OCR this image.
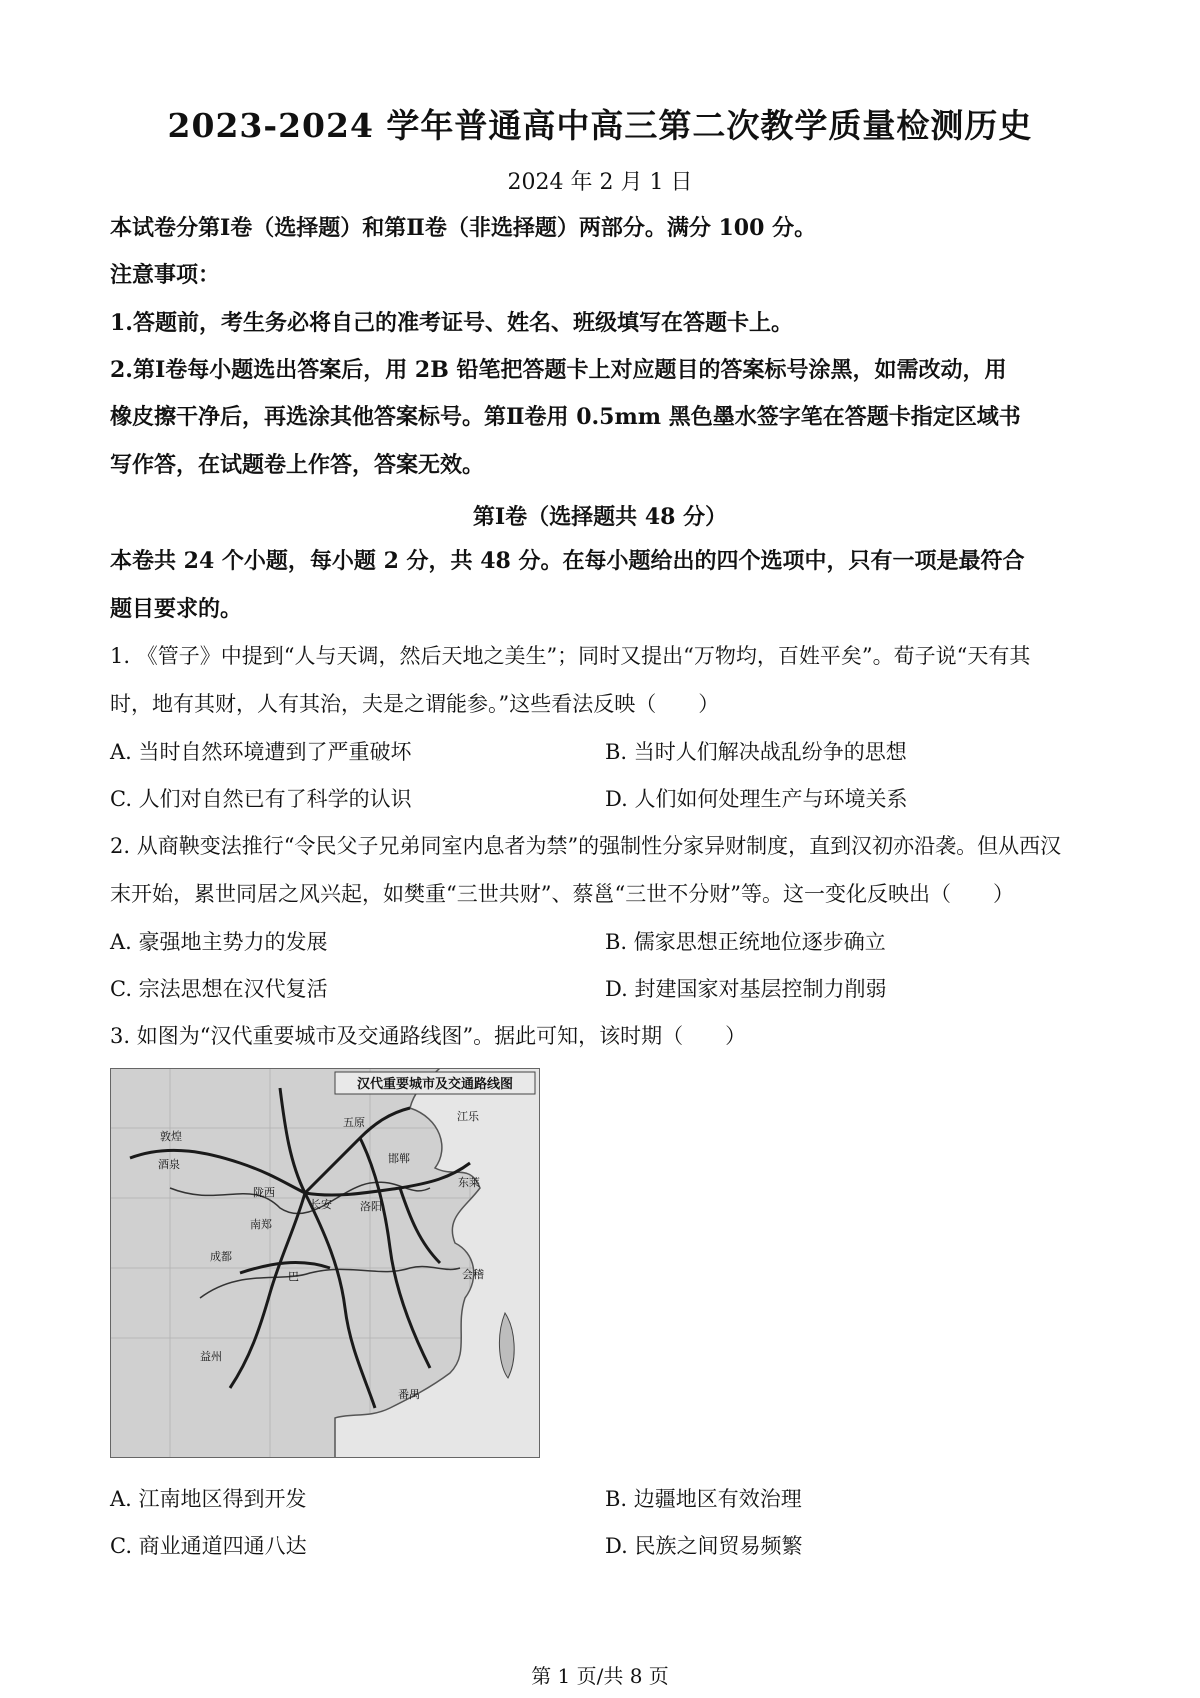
2023-2024 学年普通高中高三第二次教学质量检测历史
2024 年 2 月 1 日
本试卷分第Ⅰ卷（选择题）和第Ⅱ卷（非选择题）两部分。满分 100 分。
注意事项：
1.答题前，考生务必将自己的准考证号、姓名、班级填写在答题卡上。
2.第Ⅰ卷每小题选出答案后，用 2B 铅笔把答题卡上对应题目的答案标号涂黑，如需改动，用
橡皮擦干净后，再选涂其他答案标号。第Ⅱ卷用 0.5mm 黑色墨水签字笔在答题卡指定区域书
写作答，在试题卷上作答，答案无效。
第Ⅰ卷（选择题共 48 分）
本卷共 24 个小题，每小题 2 分，共 48 分。在每小题给出的四个选项中，只有一项是最符合
题目要求的。
1. 《管子》中提到“人与天调，然后天地之美生”；同时又提出“万物均，百姓平矣”。荀子说“天有其
时，地有其财，人有其治，夫是之谓能参。”这些看法反映（　　）
A. 当时自然环境遭到了严重破坏	B. 当时人们解决战乱纷争的思想
C. 人们对自然已有了科学的认识	D. 人们如何处理生产与环境关系
2. 从商鞅变法推行“令民父子兄弟同室内息者为禁”的强制性分家异财制度，直到汉初亦沿袭。但从西汉
末开始，累世同居之风兴起，如樊重“三世共财”、蔡邕“三世不分财”等。这一变化反映出（　　）
A. 豪强地主势力的发展	B. 儒家思想正统地位逐步确立
C. 宗法思想在汉代复活	D. 封建国家对基层控制力削弱
3. 如图为“汉代重要城市及交通路线图”。据此可知，该时期（　　）
汉代重要城市及交通路线图
敦煌
酒泉
五原	江乐
长安	洛阳
邯郸
成都
陇西
南郑
巴
番禺
会稽
益州
东莱
A. 江南地区得到开发	B. 边疆地区有效治理
C. 商业通道四通八达	D. 民族之间贸易频繁
第 1 页/共 8 页
